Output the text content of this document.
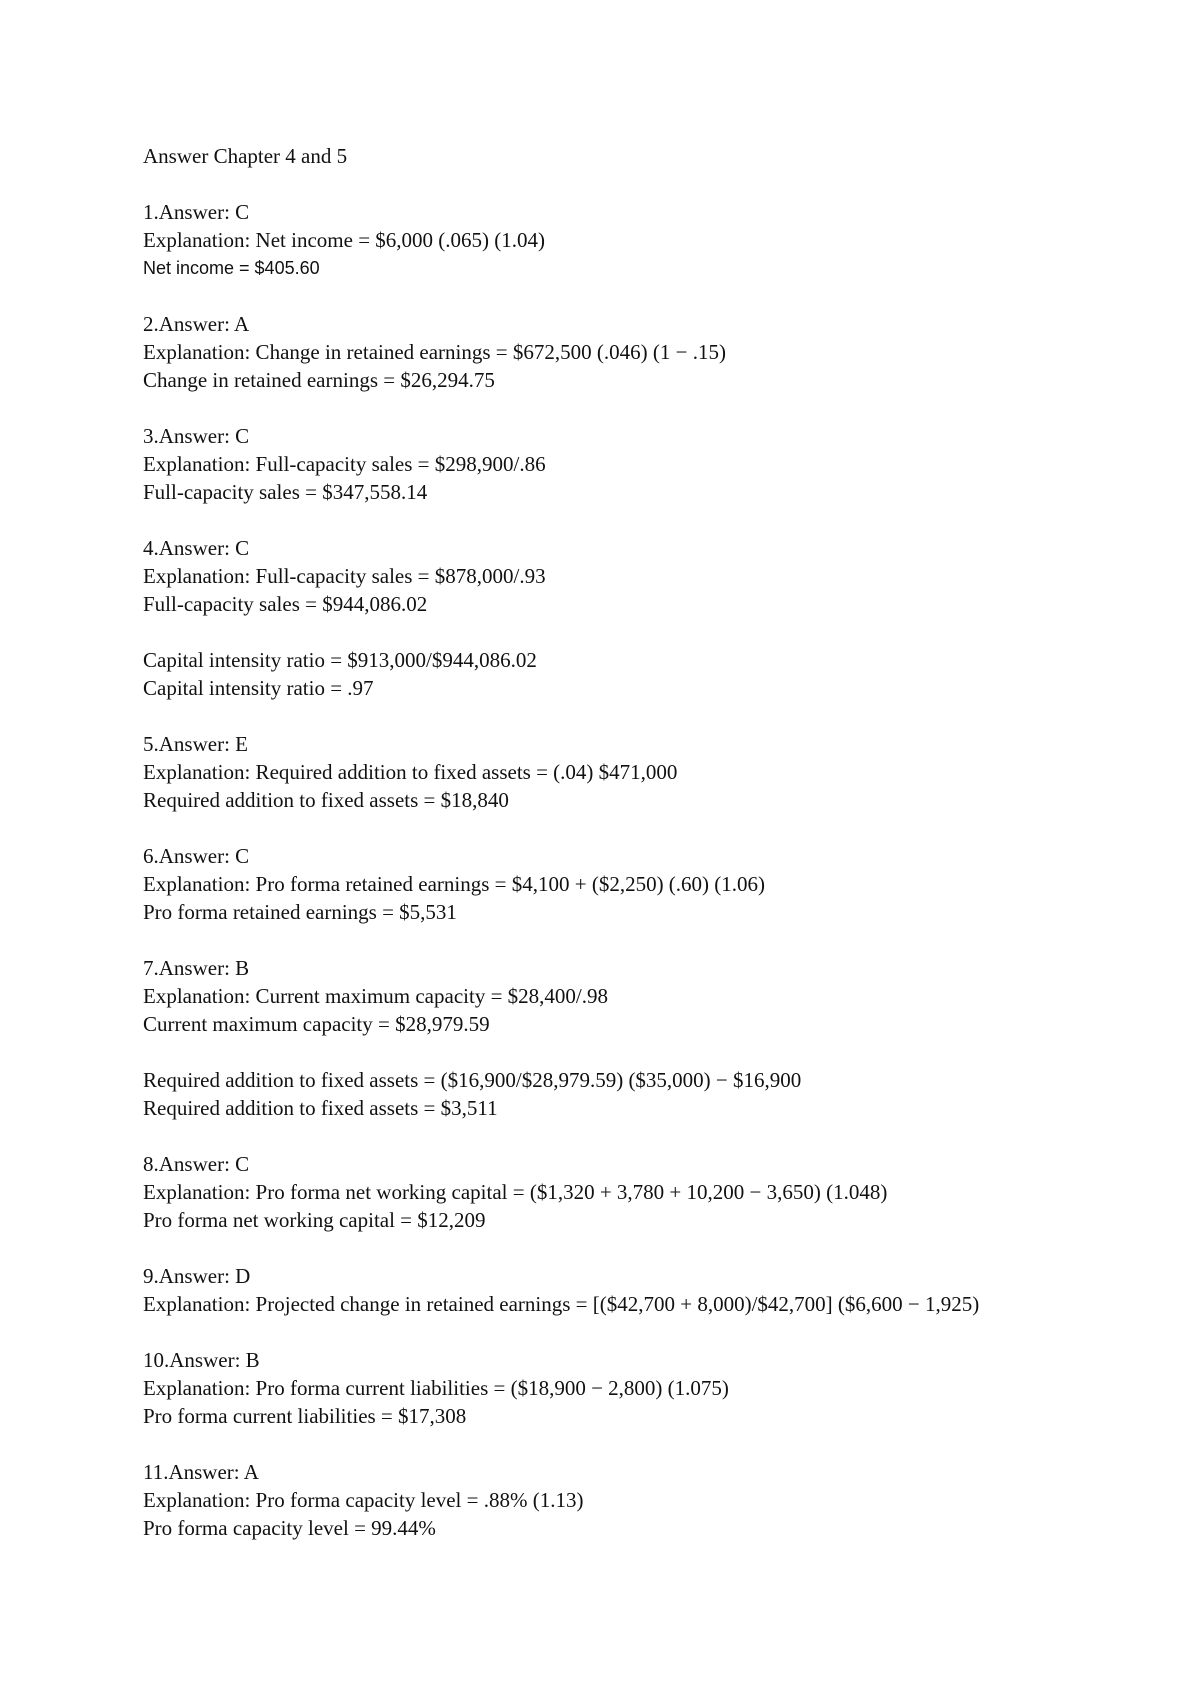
Answer Chapter 4 and 5
1.Answer: C
Explanation: Net income = $6,000 (.065) (1.04)
Net income = $405.60
2.Answer: A
Explanation: Change in retained earnings = $672,500 (.046) (1 − .15)
Change in retained earnings = $26,294.75
3.Answer: C
Explanation: Full-capacity sales = $298,900/.86
Full-capacity sales = $347,558.14
4.Answer: C
Explanation: Full-capacity sales = $878,000/.93
Full-capacity sales = $944,086.02
Capital intensity ratio = $913,000/$944,086.02
Capital intensity ratio = .97
5.Answer: E
Explanation: Required addition to fixed assets = (.04) $471,000
Required addition to fixed assets = $18,840
6.Answer: C
Explanation: Pro forma retained earnings = $4,100 + ($2,250) (.60) (1.06)
Pro forma retained earnings = $5,531
7.Answer: B
Explanation: Current maximum capacity = $28,400/.98
Current maximum capacity = $28,979.59
Required addition to fixed assets = ($16,900/$28,979.59) ($35,000) − $16,900
Required addition to fixed assets = $3,511
8.Answer: C
Explanation: Pro forma net working capital = ($1,320 + 3,780 + 10,200 − 3,650) (1.048)
Pro forma net working capital = $12,209
9.Answer: D
Explanation: Projected change in retained earnings = [($42,700 + 8,000)/$42,700] ($6,600 − 1,925)
10.Answer: B
Explanation: Pro forma current liabilities = ($18,900 − 2,800) (1.075)
Pro forma current liabilities = $17,308
11.Answer: A
Explanation: Pro forma capacity level = .88% (1.13)
Pro forma capacity level = 99.44%
